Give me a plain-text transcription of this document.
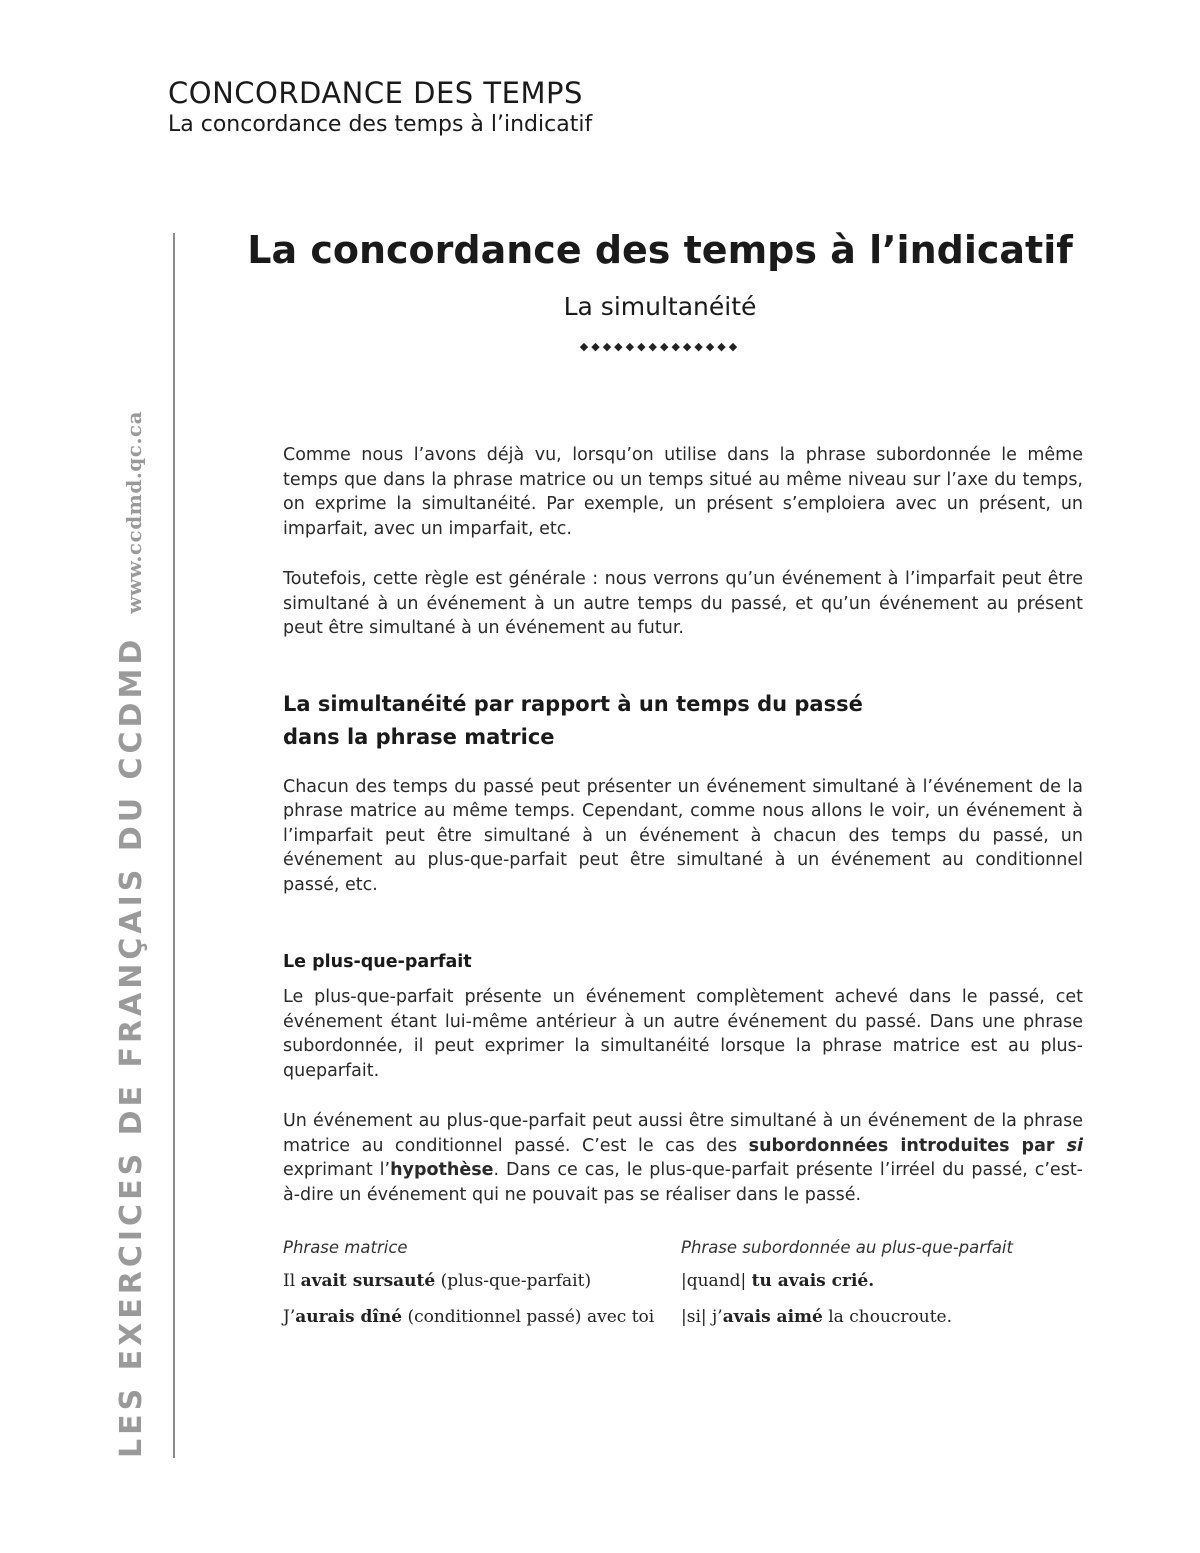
CONCORDANCE DES TEMPS
La concordance des temps à l’indicatif
LES EXERCICES DE FRANÇAIS DU CCDMDwww.ccdmd.qc.ca
La concordance des temps à l’indicatif
La simultanéité
◆◆◆◆◆◆◆◆◆◆◆◆◆◆

Comme nous l’avons déjà vu, lorsqu’on utilise dans la phrase subordonnée le même temps que dans la phrase matrice ou un temps situé au même niveau sur l’axe du temps, on exprime la simultanéité. Par exemple, un présent s’emploiera avec un présent, un imparfait, avec un imparfait, etc.

Toutefois, cette règle est générale : nous verrons qu’un événement à l’imparfait peut être simultané à un événement à un autre temps du passé, et qu’un événement au présent peut être simultané à un événement au futur.

La simultanéité par rapport à un temps du passé
dans la phrase matrice

Chacun des temps du passé peut présenter un événement simultané à l’événement de la phrase matrice au même temps. Cependant, comme nous allons le voir, un événement à l’imparfait peut être simultané à un événement à chacun des temps du passé, un événement au plus-que-parfait peut être simultané à un événement au conditionnel passé, etc.

Le plus-que-parfait

Le plus-que-parfait présente un événement complètement achevé dans le passé, cet événement étant lui-même antérieur à un autre événement du passé. Dans une phrase subordonnée, il peut exprimer la simultanéité lorsque la phrase matrice est au plus-queparfait.

Un événement au plus-que-parfait peut aussi être simultané à un événement de la phrase matrice au conditionnel passé. C’est le cas des subordonnées introduites par si exprimant l’hypothèse. Dans ce cas, le plus-que-parfait présente l’irréel du passé, c’est-à-dire un événement qui ne pouvait pas se réaliser dans le passé.

Phrase matrice	Phrase subordonnée au plus-que-parfait
Il avait sursauté (plus-que-parfait)	|quand| tu avais crié.
J’aurais dîné (conditionnel passé) avec toi	|si| j’avais aimé la choucroute.
